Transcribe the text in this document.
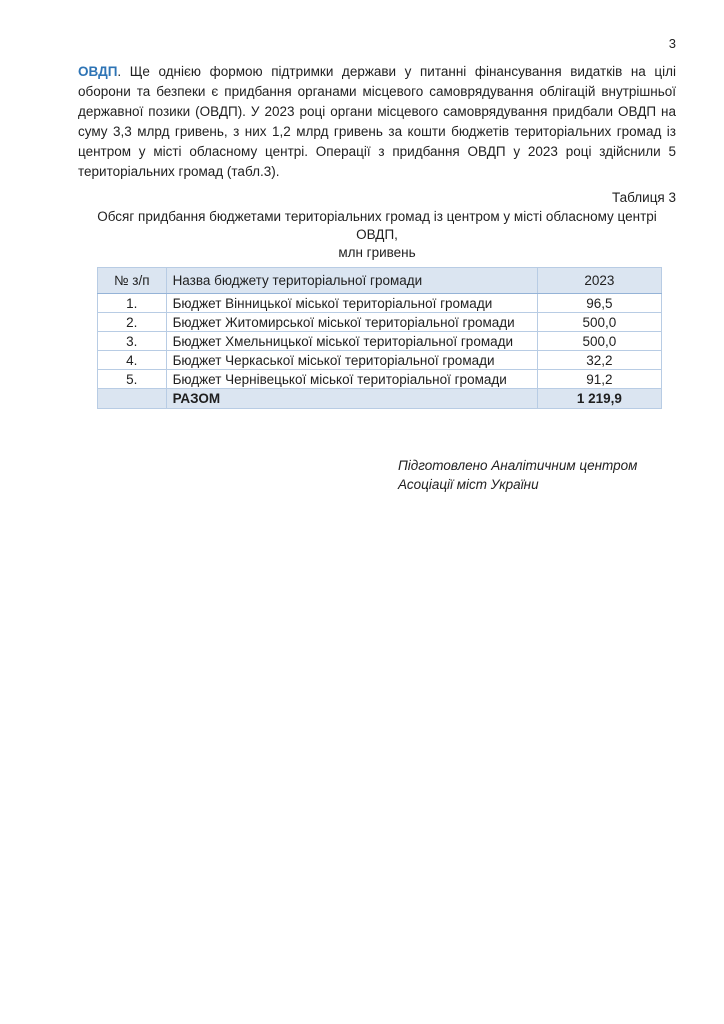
3

ОВДП. Ще однією формою підтримки держави у питанні фінансування видатків на цілі оборони та безпеки є придбання органами місцевого самоврядування облігацій внутрішньої державної позики (ОВДП). У 2023 році органи місцевого самоврядування придбали ОВДП на суму 3,3 млрд гривень, з них 1,2 млрд гривень за кошти бюджетів територіальних громад із центром у місті обласному центрі. Операції з придбання ОВДП у 2023 році здійснили 5 територіальних громад (табл.3).

Таблиця 3
Обсяг придбання бюджетами територіальних громад із центром у місті обласному центрі ОВДП,
млн гривень
№ з/п	Назва бюджету територіальної громади	2023
1.	Бюджет Вінницької міської територіальної громади	96,5
2.	Бюджет Житомирської міської територіальної громади	500,0
3.	Бюджет Хмельницької міської територіальної громади	500,0
4.	Бюджет Черкаської міської територіальної громади	32,2
5.	Бюджет Чернівецької міської територіальної громади	91,2
	РАЗОМ	1 219,9
Підготовлено Аналітичним центром
Асоціації міст України
